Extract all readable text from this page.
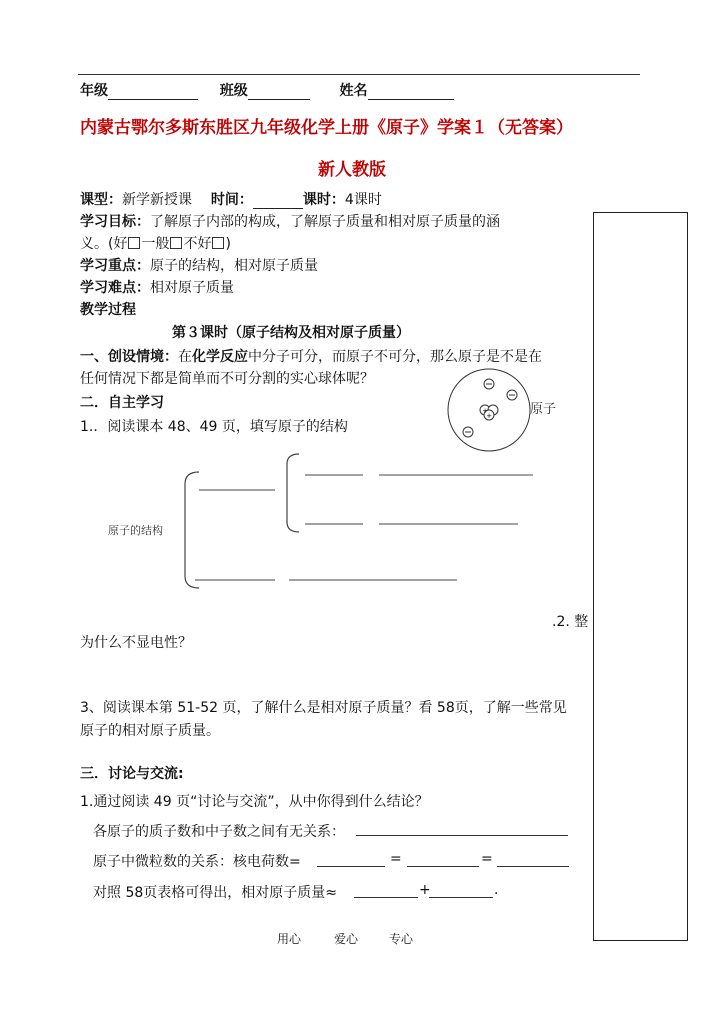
年级	班级	姓名
内蒙古鄂尔多斯东胜区九年级化学上册《原子》学案１（无答案）
新人教版
课型：新学新授课 时间：	课时：4课时
学习目标：了解原子内部的构成，了解原子质量和相对原子质量的涵
义。(好 一般 不好 )
学习重点：原子的结构，相对原子质量
学习难点：相对原子质量
教学过程
第３课时（原子结构及相对原子质量）
一、创设情境：在化学反应中分子可分，而原子不可分，那么原子是不是在
任何情况下都是简单而不可分割的实心球体呢？
+
+	原子
二．自主学习
1.．阅读课本 48、49 页，填写原子的结构
原子的结构
.2. 整
为什么不显电性？
3、阅读课本第 51-52 页，了解什么是相对原子质量？看 58页，了解一些常见
原子的相对原子质量。
三．讨论与交流:
1.通过阅读 49 页“讨论与交流”，从中你得到什么结论？
各原子的质子数和中子数之间有无关系：
原子中微粒数的关系：核电荷数=	=	=
对照 58页表格可得出，相对原子质量≈	+	.
用心	爱心	专心
